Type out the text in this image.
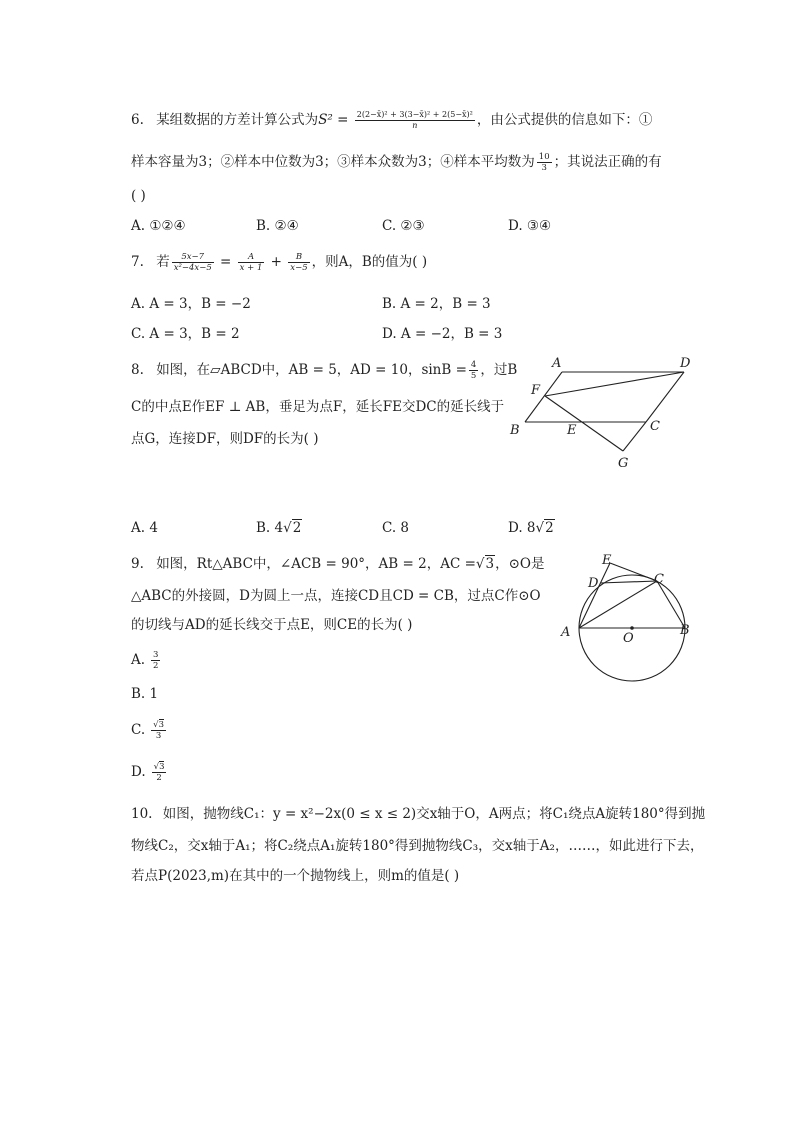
6. 某组数据的方差计算公式为$S^2 = \frac{\text{2(2−x̄)² + 3(3−x̄)² + 2(5−x̄)²}}{n}$ ，由公式提供的信息如下：①
样本容量为3；②样本中位数为3；③样本众数为3；④样本平均数为 $\frac{10}{3}$ ；其说法正确的有
( )
A. ①②④	B. ②④	C. ②③	D. ③④
7. 若 $\frac{5x-7}{\text{x²−4x−5}} = \frac{A}{x + 1} + \frac{B}{x-5}$ ，则A，B的值为( )
A. A = 3，B = −2	B. A = 2，B = 3
C. A = 3，B = 2	D. A = −2，B = 3
8. 如图，在▱ABCD中，AB = 5，AD = 10，$\sin B = \frac{4}{5}$ ，过B
C的中点E作EF ⊥ AB，垂足为点F，延长FE交DC的延长线于
点G，连接DF，则DF的长为( )
A	D
F
B	E	C
G
A. 4	B. 4√2	C. 8	D. 8√2
9. 如图，Rt△ABC中，∠ACB = 90°，AB = 2，AC =√3，⊙O是
△ABC的外接圆，D为圆上一点，连接CD且CD = CB，过点C作⊙O
的切线与AD的延长线交于点E，则CE的长为( )
E
D	C
A	O
B
A. $\frac{3}{2}$
B. 1
C. $\frac{√3}{3}$
D. $\frac{√3}{2}$
10. 如图，抛物线C₁：y = x²−2x(0 ≤ x ≤ 2)交x轴于O，A两点；将C₁绕点A旋转180°得到抛
物线C₂，交x轴于A₁；将C₂绕点A₁旋转180°得到抛物线C₃，交x轴于A₂，……，如此进行下去，
若点P(2023,m)在其中的一个抛物线上，则m的值是( )
